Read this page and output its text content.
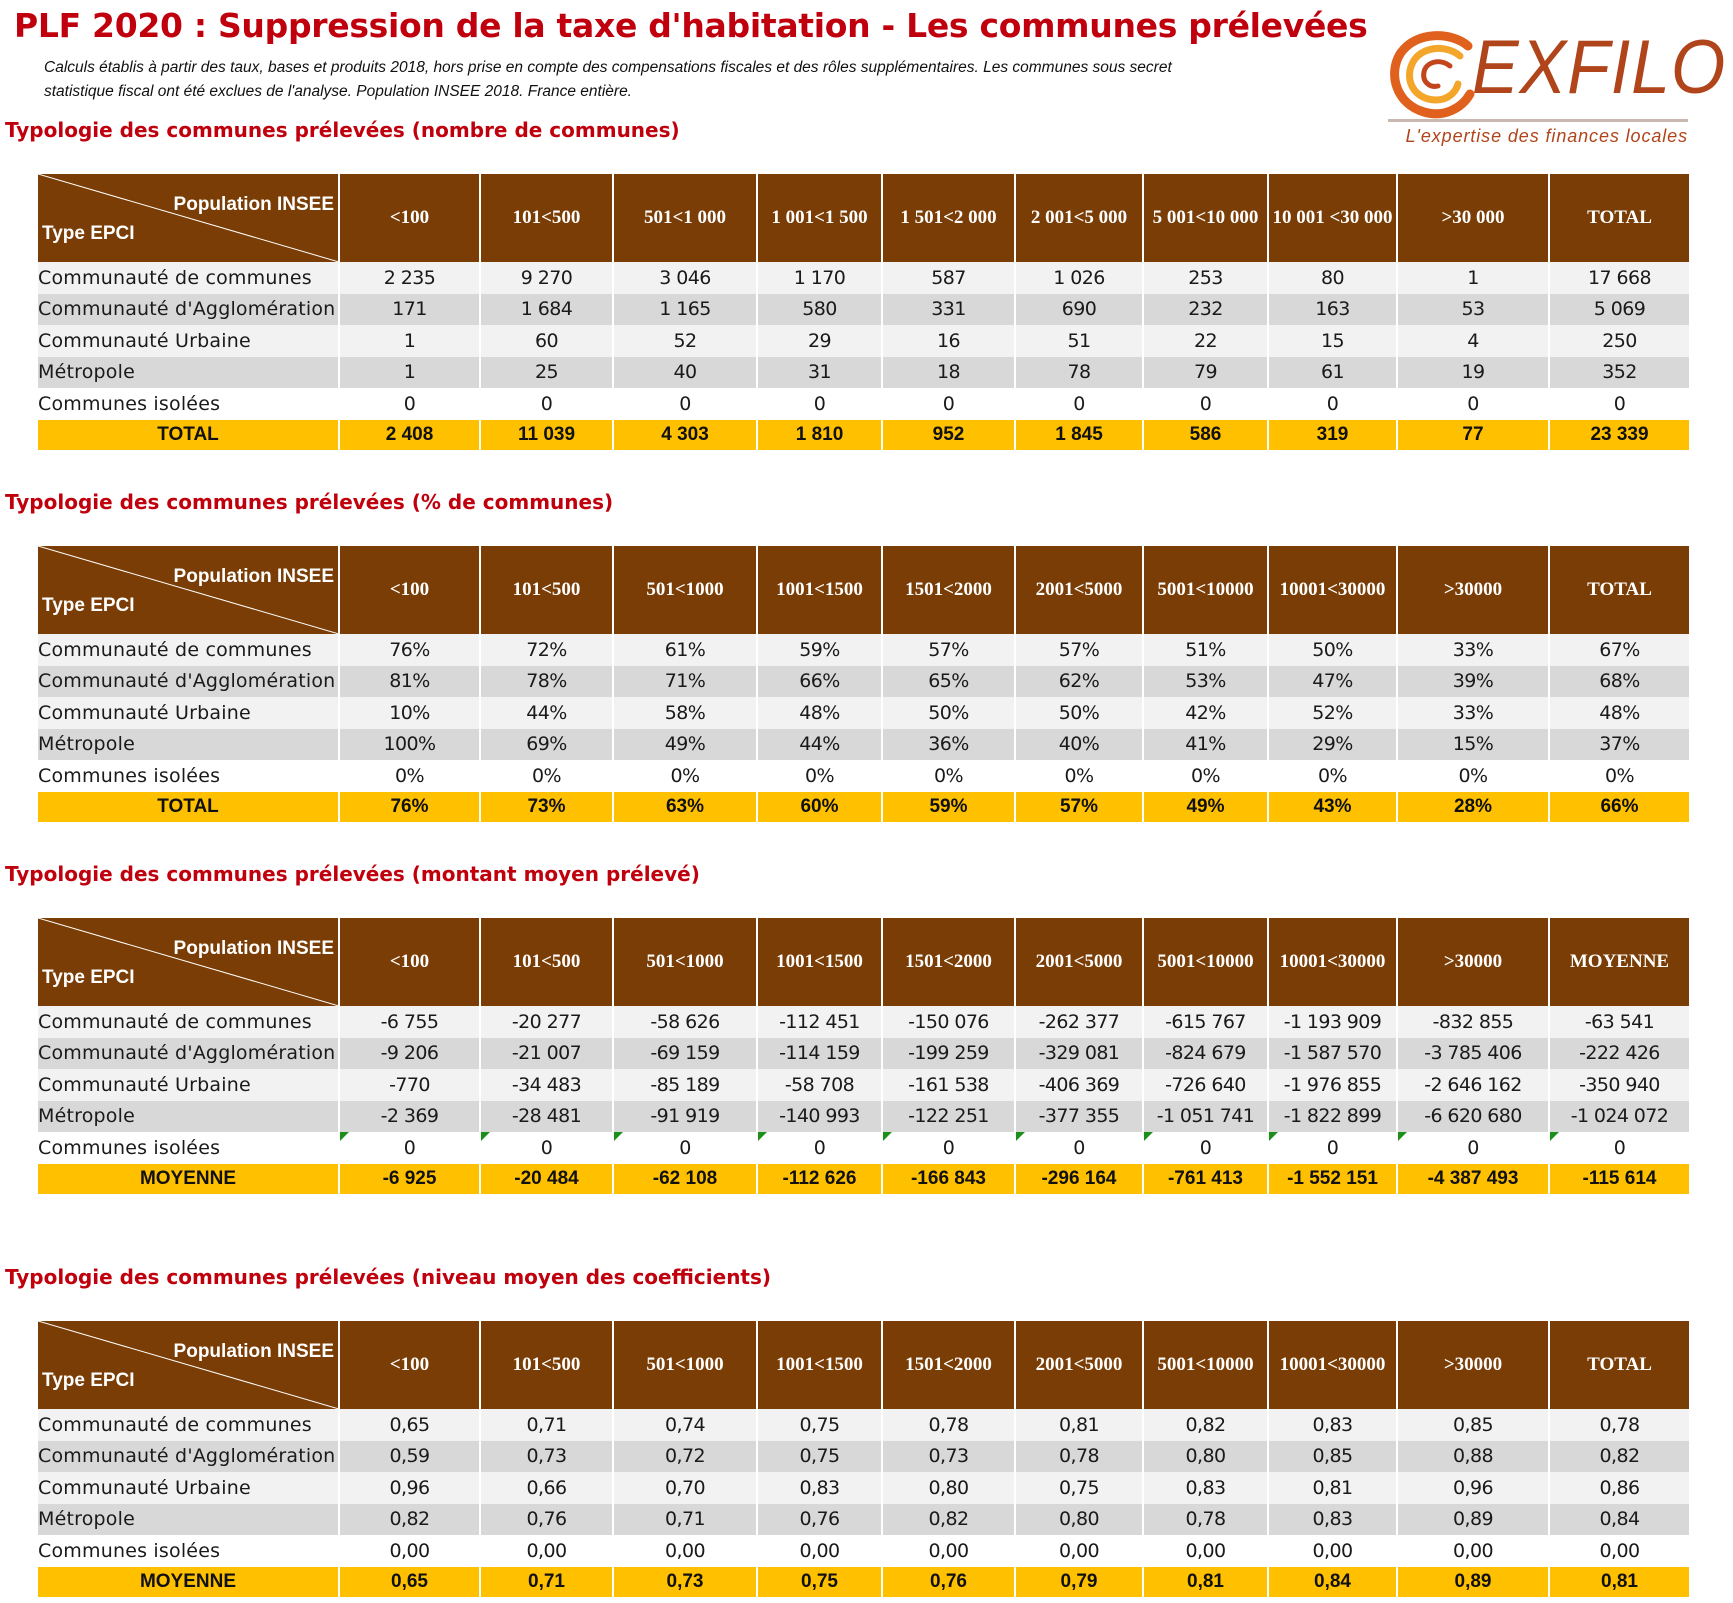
PLF 2020 : Suppression de la taxe d'habitation - Les communes prélevées
Calculs établis à partir des taux, bases et produits 2018, hors prise en compte des compensations fiscales et des rôles supplémentaires. Les communes sous secret statistique fiscal ont été exclues de l'analyse. Population INSEE 2018. France entière.	EXFILO
L'expertise des finances locales
Typologie des communes prélevées (nombre de communes)
Population INSEE
Type EPCI	<100	101<500	501<1 000	1 001<1 500	1 501<2 000	2 001<5 000	5 001<10 000	10 001 <30 000	>30 000	TOTAL
Communauté de communes	2 235	9 270	3 046	1 170	587	1 026	253	80	1	17 668
Communauté d'Agglomération	171	1 684	1 165	580	331	690	232	163	53	5 069
Communauté Urbaine	1	60	52	29	16	51	22	15	4	250
Métropole	1	25	40	31	18	78	79	61	19	352
Communes isolées	0	0	0	0	0	0	0	0	0	0
TOTAL	2 408	11 039	4 303	1 810	952	1 845	586	319	77	23 339
Typologie des communes prélevées (% de communes)
Population INSEE
Type EPCI	<100	101<500	501<1000	1001<1500	1501<2000	2001<5000	5001<10000	10001<30000	>30000	TOTAL
Communauté de communes	76%	72%	61%	59%	57%	57%	51%	50%	33%	67%
Communauté d'Agglomération	81%	78%	71%	66%	65%	62%	53%	47%	39%	68%
Communauté Urbaine	10%	44%	58%	48%	50%	50%	42%	52%	33%	48%
Métropole	100%	69%	49%	44%	36%	40%	41%	29%	15%	37%
Communes isolées	0%	0%	0%	0%	0%	0%	0%	0%	0%	0%
TOTAL	76%	73%	63%	60%	59%	57%	49%	43%	28%	66%
Typologie des communes prélevées (montant moyen prélevé)
Population INSEE
Type EPCI	<100	101<500	501<1000	1001<1500	1501<2000	2001<5000	5001<10000	10001<30000	>30000	MOYENNE
Communauté de communes	-6 755	-20 277	-58 626	-112 451	-150 076	-262 377	-615 767	-1 193 909	-832 855	-63 541
Communauté d'Agglomération	-9 206	-21 007	-69 159	-114 159	-199 259	-329 081	-824 679	-1 587 570	-3 785 406	-222 426
Communauté Urbaine	-770	-34 483	-85 189	-58 708	-161 538	-406 369	-726 640	-1 976 855	-2 646 162	-350 940
Métropole	-2 369	-28 481	-91 919	-140 993	-122 251	-377 355	-1 051 741	-1 822 899	-6 620 680	-1 024 072
Communes isolées	0	0	0	0	0	0	0	0	0	0
MOYENNE	-6 925	-20 484	-62 108	-112 626	-166 843	-296 164	-761 413	-1 552 151	-4 387 493	-115 614
Typologie des communes prélevées (niveau moyen des coefficients)
Population INSEE
Type EPCI	<100	101<500	501<1000	1001<1500	1501<2000	2001<5000	5001<10000	10001<30000	>30000	TOTAL
Communauté de communes	0,65	0,71	0,74	0,75	0,78	0,81	0,82	0,83	0,85	0,78
Communauté d'Agglomération	0,59	0,73	0,72	0,75	0,73	0,78	0,80	0,85	0,88	0,82
Communauté Urbaine	0,96	0,66	0,70	0,83	0,80	0,75	0,83	0,81	0,96	0,86
Métropole	0,82	0,76	0,71	0,76	0,82	0,80	0,78	0,83	0,89	0,84
Communes isolées	0,00	0,00	0,00	0,00	0,00	0,00	0,00	0,00	0,00	0,00
MOYENNE	0,65	0,71	0,73	0,75	0,76	0,79	0,81	0,84	0,89	0,81
